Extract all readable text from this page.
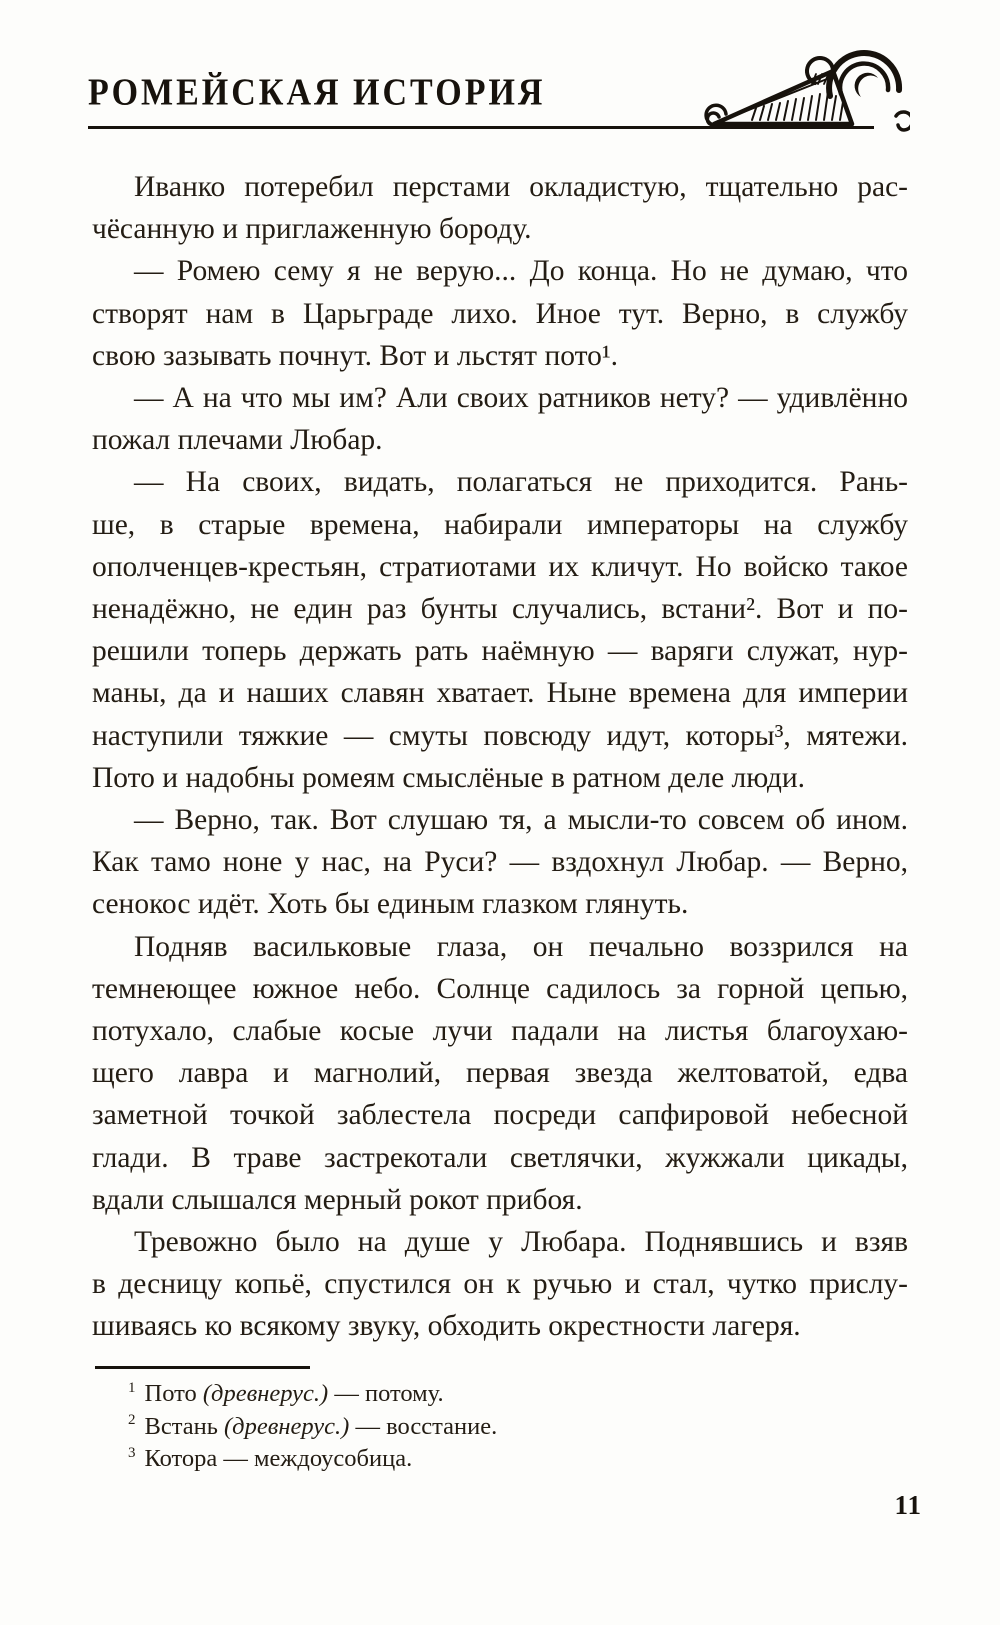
РОМЕЙСКАЯ ИСТОРИЯ
Иванко потеребил перстами окладистую, тщательно рас-
чёсанную и приглаженную бороду.
— Ромею сему я не верую... До конца. Но не думаю, что
створят нам в Царьграде лихо. Иное тут. Верно, в службу
свою зазывать почнут. Вот и льстят пото¹.
— А на что мы им? Али своих ратников нету? — удивлённо
пожал плечами Любар.
— На своих, видать, полагаться не приходится. Рань-
ше, в старые времена, набирали императоры на службу
ополченцев-крестьян, стратиотами их кличут. Но войско такое
ненадёжно, не един раз бунты случались, встани². Вот и по-
решили топерь держать рать наёмную — варяги служат, нур-
маны, да и наших славян хватает. Ныне времена для империи
наступили тяжкие — смуты повсюду идут, которы³, мятежи.
Пото и надобны ромеям смыслёные в ратном деле люди.
— Верно, так. Вот слушаю тя, а мысли-то совсем об ином.
Как тамо ноне у нас, на Руси? — вздохнул Любар. — Верно,
сенокос идёт. Хоть бы единым глазком глянуть.
Подняв васильковые глаза, он печально воззрился на
темнеющее южное небо. Солнце садилось за горной цепью,
потухало, слабые косые лучи падали на листья благоухаю-
щего лавра и магнолий, первая звезда желтоватой, едва
заметной точкой заблестела посреди сапфировой небесной
глади. В траве застрекотали светлячки, жужжали цикады,
вдали слышался мерный рокот прибоя.
Тревожно было на душе у Любара. Поднявшись и взяв
в десницу копьё, спустился он к ручью и стал, чутко прислу-
шиваясь ко всякому звуку, обходить окрестности лагеря.
$^1$ Пото (древнерус.) — потому.
$^2$ Встань (древнерус.) — восстание.
$^3$ Котора — междоусобица.
11
